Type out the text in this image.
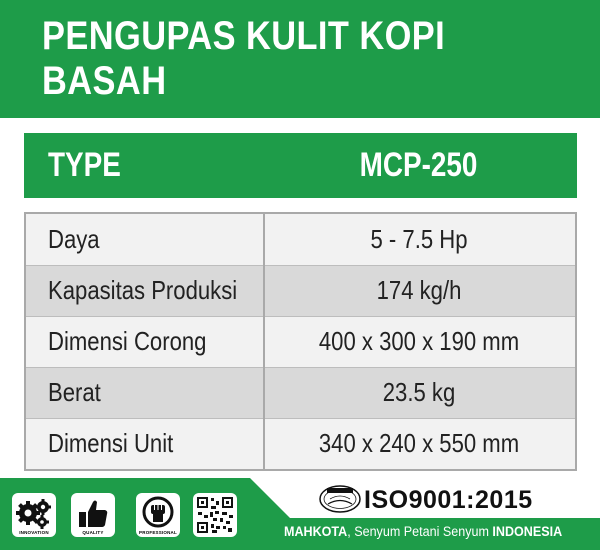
PENGUPAS KULIT KOPI BASAH
TYPE	MCP-250
Daya	5 - 7.5 Hp
Kapasitas Produksi	174 kg/h
Dimensi Corong	400 x 300 x 190 mm
Berat	23.5 kg
Dimensi Unit	340 x 240 x 550 mm
INNOVATION	QUALITY	PROFESSIONAL
ISO9001:2015
MAHKOTA, Senyum Petani Senyum INDONESIA
